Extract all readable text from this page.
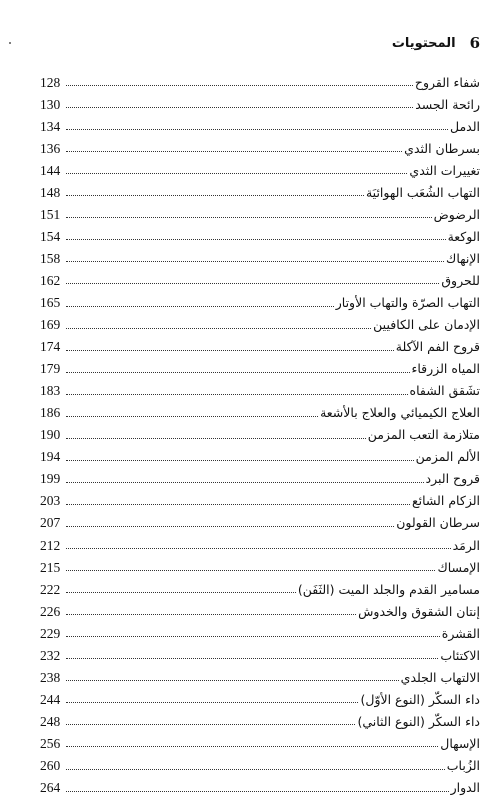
6
المحتويات
شفاء القروح
128
رائحة الجسد
130
الدمل
134
بسرطان الثدي
136
تغييرات الثدي
144
التهاب الشُعَب الهوائيَة
148
الرضوض
151
الوكعة
154
الإنهاك
158
للحروق
162
التهاب الصرّة والتهاب الأوتار
165
الإدمان على الكافيين
169
قروح الفم الآكلة
174
المياه الزرقاء
179
تشَقق الشفاه
183
العلاج الكيميائي والعلاج بالأشعة
186
متلازمة التعب المزمن
190
الألم المزمن
194
قروح البرد
199
الزكام الشائع
203
سرطان القولون
207
الرمَد
212
الإمساك
215
مسامير القدم والجلد الميت (الثَفَن)
222
إنتان الشقوق والخدوش
226
القشرة
229
الاكتئاب
232
الالتهاب الجلدي
238
داء السكّر (النوع الأوّل)
244
داء السكّر (النوع الثاني)
248
الإسهال
256
الزُباب
260
الدوار
264
